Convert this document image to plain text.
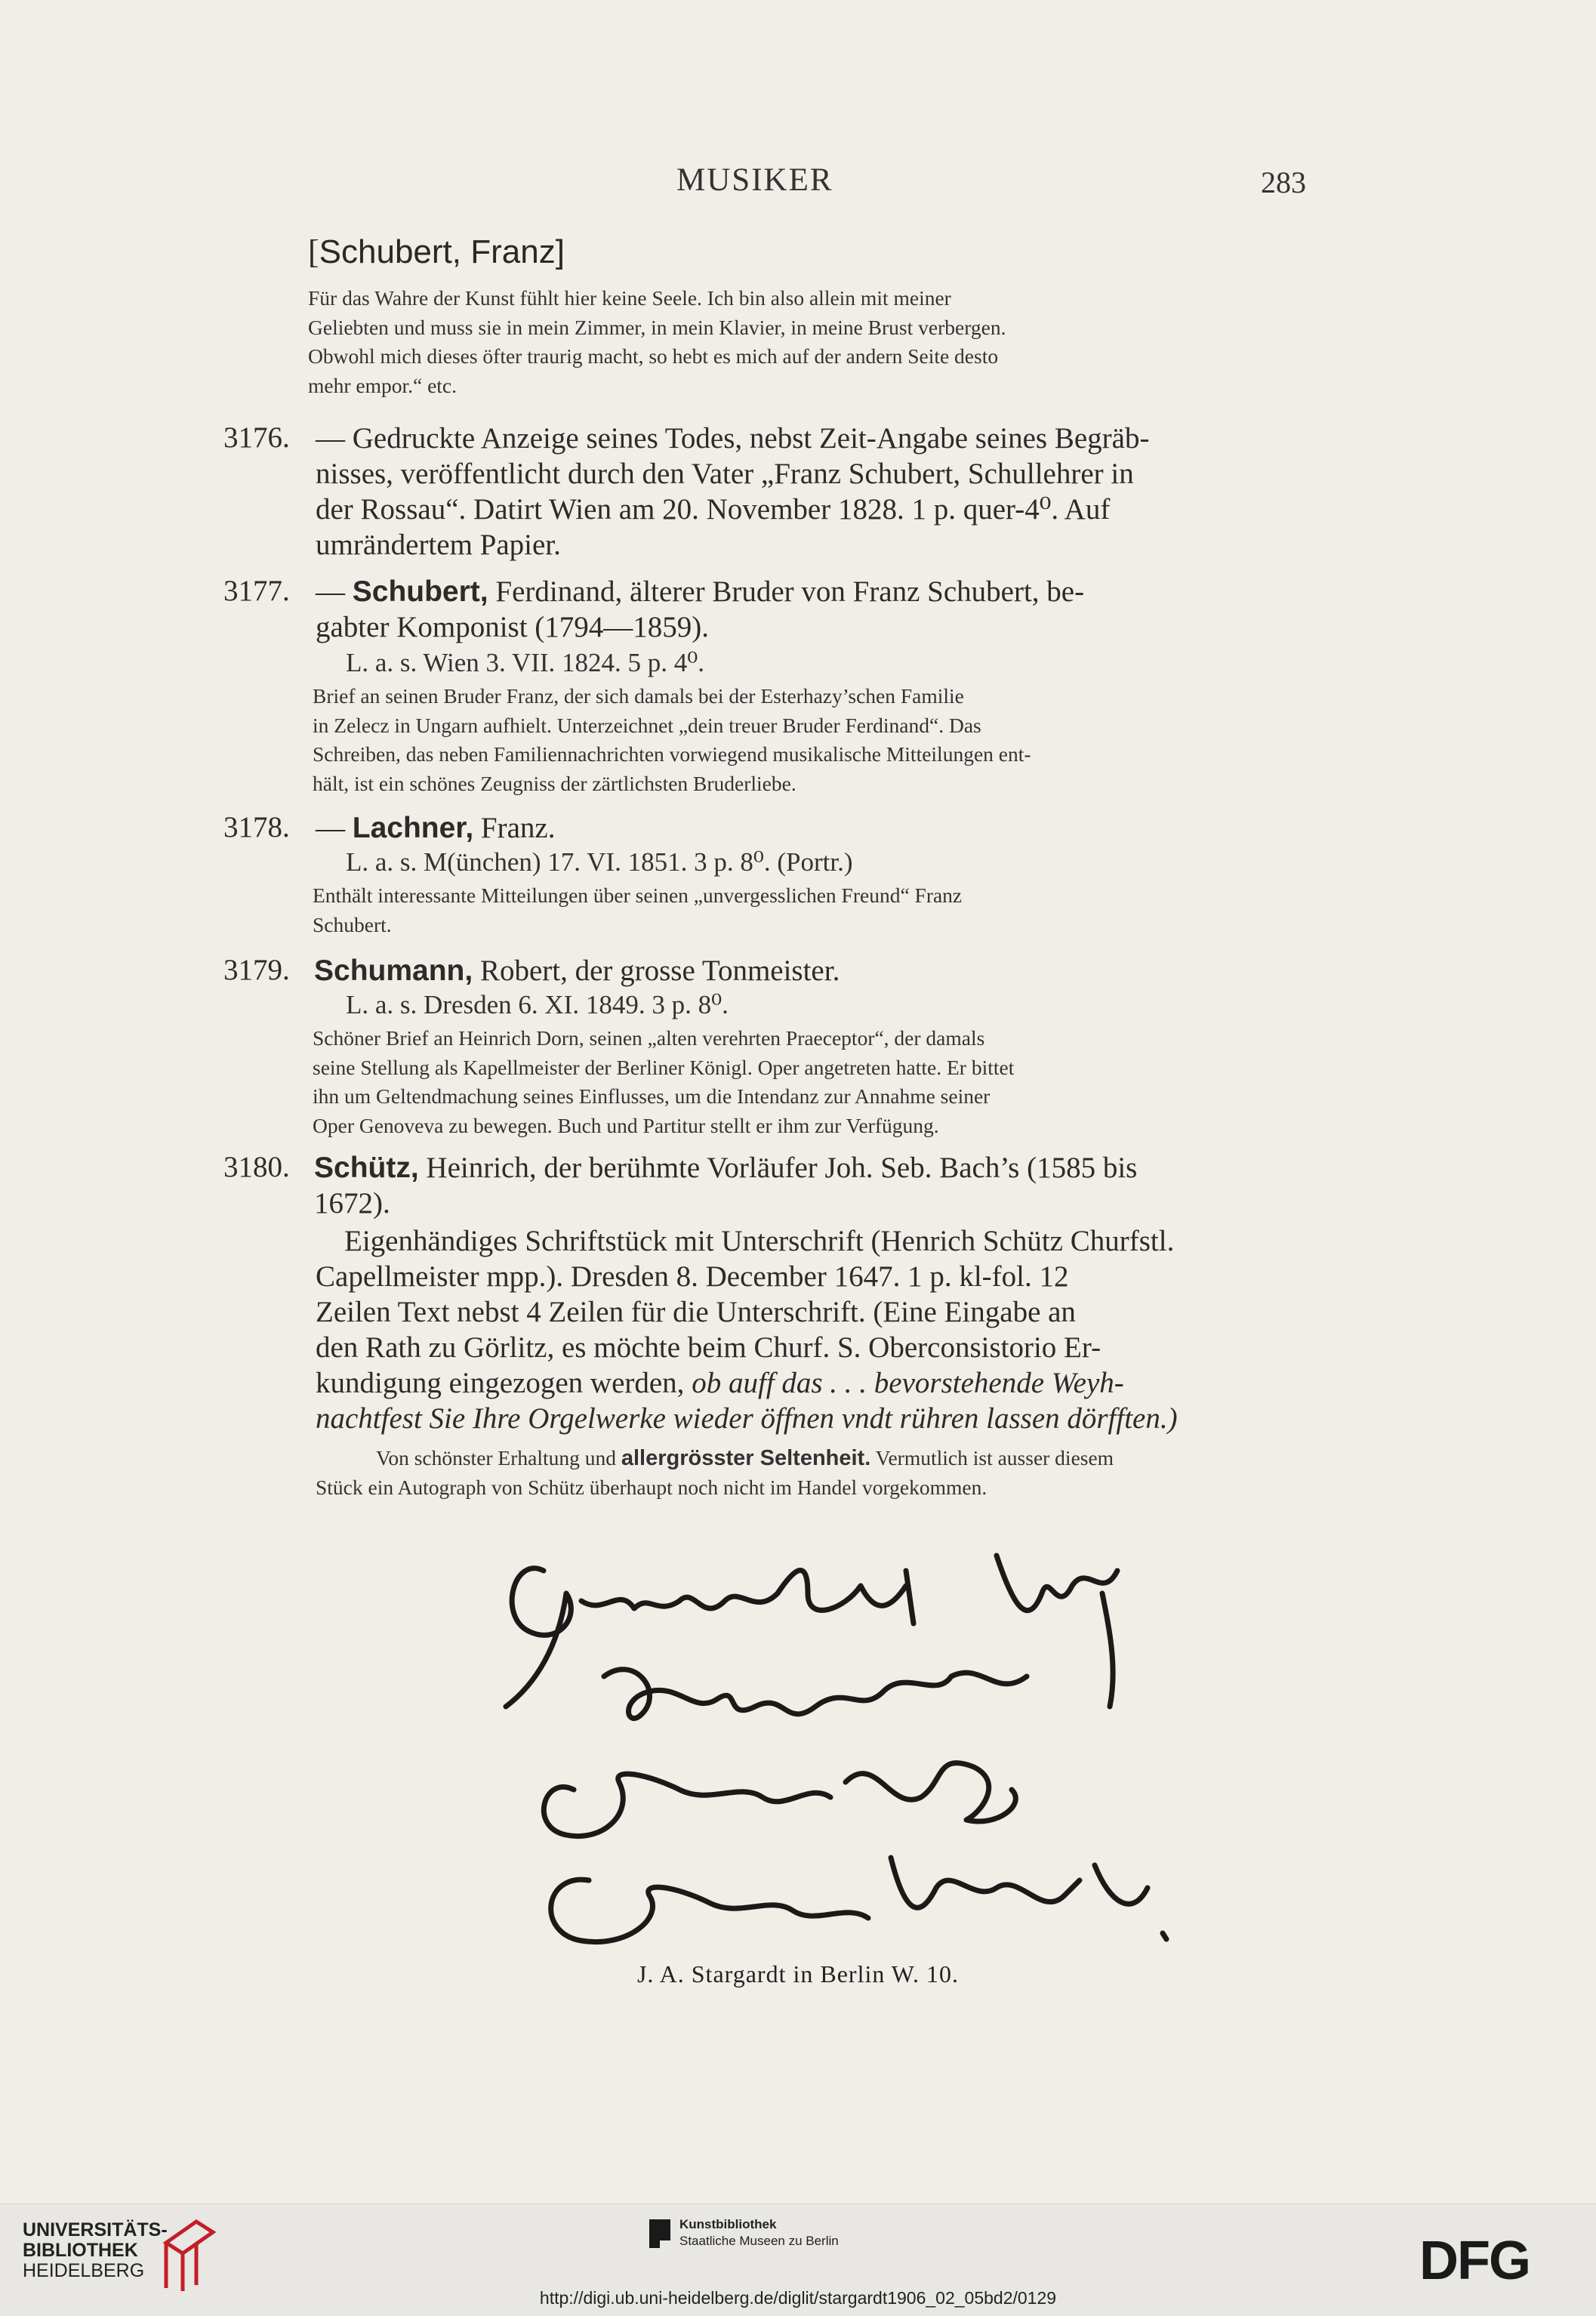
MUSIKER	283
[Schubert, Franz]
Für das Wahre der Kunst fühlt hier keine Seele. Ich bin also allein mit meiner
Geliebten und muss sie in mein Zimmer, in mein Klavier, in meine Brust verbergen.
Obwohl mich dieses öfter traurig macht, so hebt es mich auf der andern Seite desto
mehr empor.“ etc.
3176. — Gedruckte Anzeige seines Todes, nebst Zeit-Angabe seines Begräb-
nisses, veröffentlicht durch den Vater „Franz Schubert, Schullehrer in
der Rossau“. Datirt Wien am 20. November 1828. 1 p. quer-4⁰. Auf
umrändertem Papier.
3177. — Schubert, Ferdinand, älterer Bruder von Franz Schubert, be-
gabter Komponist (1794—1859).
L. a. s. Wien 3. VII. 1824. 5 p. 4⁰.
Brief an seinen Bruder Franz, der sich damals bei der Esterhazy’schen Familie
in Zelecz in Ungarn aufhielt. Unterzeichnet „dein treuer Bruder Ferdinand“. Das
Schreiben, das neben Familiennachrichten vorwiegend musikalische Mitteilungen ent-
hält, ist ein schönes Zeugniss der zärtlichsten Bruderliebe.
3178. — Lachner, Franz.
L. a. s. M(ünchen) 17. VI. 1851. 3 p. 8⁰. (Portr.)
Enthält interessante Mitteilungen über seinen „unvergesslichen Freund“ Franz
Schubert.
3179. Schumann, Robert, der grosse Tonmeister.
L. a. s. Dresden 6. XI. 1849. 3 p. 8⁰.
Schöner Brief an Heinrich Dorn, seinen „alten verehrten Praeceptor“, der damals
seine Stellung als Kapellmeister der Berliner Königl. Oper angetreten hatte. Er bittet
ihn um Geltendmachung seines Einflusses, um die Intendanz zur Annahme seiner
Oper Genoveva zu bewegen. Buch und Partitur stellt er ihm zur Verfügung.
3180. Schütz, Heinrich, der berühmte Vorläufer Joh. Seb. Bach’s (1585 bis
1672).
Eigenhändiges Schriftstück mit Unterschrift (Henrich Schütz Churfstl.
Capellmeister mpp.). Dresden 8. December 1647. 1 p. kl-fol. 12
Zeilen Text nebst 4 Zeilen für die Unterschrift. (Eine Eingabe an
den Rath zu Görlitz, es möchte beim Churf. S. Oberconsistorio Er-
kundigung eingezogen werden, ob auff das . . . bevorstehende Weyh-
nachtfest Sie Ihre Orgelwerke wieder öffnen vndt rühren lassen dörfften.)
Von schönster Erhaltung und allergrösster Seltenheit. Vermutlich ist ausser diesem
Stück ein Autograph von Schütz überhaupt noch nicht im Handel vorgekommen.
J. A. Stargardt in Berlin W. 10.
UNIVERSITÄTS-
BIBLIOTHEK
HEIDELBERG
Kunstbibliothek
Staatliche Museen zu Berlin	DFG
http://digi.ub.uni-heidelberg.de/diglit/stargardt1906_02_05bd2/0129
